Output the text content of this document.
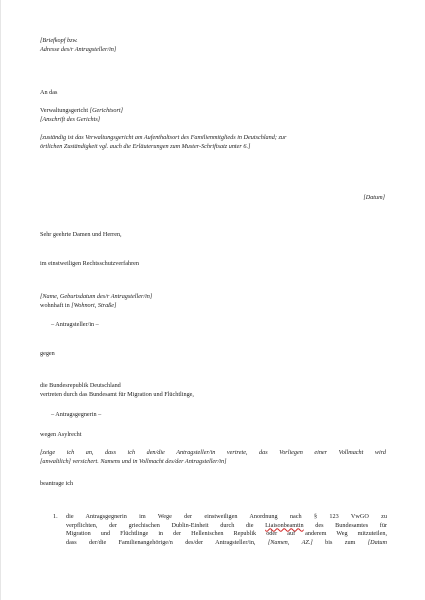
[Briefkopf bzw.
Adresse des/r Antragsteller/in]
An das
Verwaltungsgericht [Gerichtsort]
[Anschrift des Gerichts]
[zuständig ist das Verwaltungsgericht am Aufenthaltsort des Familienmitglieds in Deutschland; zur
örtlichen Zuständigkeit vgl. auch die Erläuterungen zum Muster-Schriftsatz unter 6.]
[Datum]
Sehr geehrte Damen und Herren,
im einstweiligen Rechtsschutzverfahren
[Name, Geburtsdatum des/r Antragsteller/in]
wohnhaft in [Wohnort, Straße]
– Antragsteller/in –
gegen
die Bundesrepublik Deutschland
vertreten durch das Bundesamt für Migration und Flüchtlinge,
– Antragsgegnerin –
wegen Asylrecht
[zeige ich an, dass ich den/die Antragsteller/in vertrete, das Vorliegen einer Vollmacht wird
[anwaltlich] versichert. Namens und in Vollmacht des/der Antragsteller/in]
beantrage ich
1. die Antragsgegnerin im Wege der einstweiligen Anordnung nach § 123 VwGO zu
verpflichten, der griechischen Dublin-Einheit durch die Liaisonbeamtin des Bundesamtes für
Migration und Flüchtlinge in der Hellenischen Republik oder auf anderem Weg mitzuteilen,
dass der/die Familienangehörige/n des/der Antragsteller/in, [Namen, AZ.] bis zum [Datum
